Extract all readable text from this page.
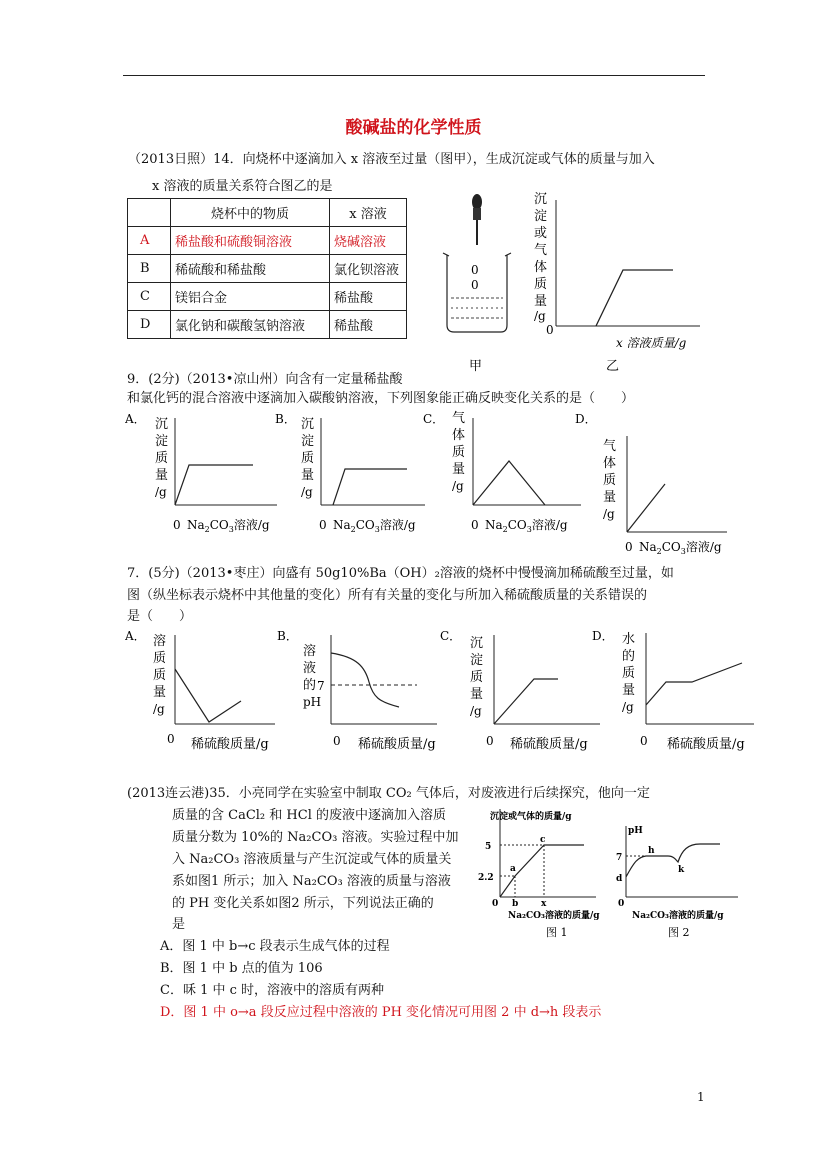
酸碱盐的化学性质
（2013日照）14．向烧杯中逐滴加入 x 溶液至过量（图甲），生成沉淀或气体的质量与加入
x 溶液的质量关系符合图乙的是
	烧杯中的物质	x 溶液
A	稀盐酸和硫酸铜溶液	烧碱溶液
B	稀硫酸和稀盐酸	氯化钡溶液
C	镁铝合金	稀盐酸
D	氯化钠和碳酸氢钠溶液	稀盐酸
0
0
甲
沉淀或气体质量/g
0
x 溶液质量/g
乙
9．(2分)（2013•凉山州）向含有一定量稀盐酸
和氯化钙的混合溶液中逐滴加入碳酸钠溶液，下列图象能正确反映变化关系的是（　　）
A． 沉淀质量/g
0 $Na_2CO_3$溶液/g
B． 沉淀质量/g
0 $Na_2CO_3$溶液/g
C． 气体质量/g
0 $Na_2CO_3$溶液/g
D．
气体质量/g
0 $Na_2CO_3$溶液/g
7．(5分)（2013•枣庄）向盛有 50g10%Ba（OH）₂溶液的烧杯中慢慢滴加稀硫酸至过量，如
图（纵坐标表示烧杯中其他量的变化）所有有关量的变化与所加入稀硫酸质量的关系错误的
是（　　）
A． 溶质质量/g
0 稀硫酸质量/g
B．
溶液的 pH
7
0 稀硫酸质量/g
C． 沉淀质量/g
0 稀硫酸质量/g
D． 水的质量/g
0 稀硫酸质量/g
(2013连云港)35．小亮同学在实验室中制取 CO₂ 气体后，对废液进行后续探究，他向一定
质量的含 CaCl₂ 和 HCl 的废液中逐滴加入溶质
质量分数为 10%的 Na₂CO₃ 溶液。实验过程中加
入 Na₂CO₃ 溶液质量与产生沉淀或气体的质量关
系如图1 所示；加入 Na₂CO₃ 溶液的质量与溶液
的 PH 变化关系如图2 所示，下列说法正确的
是
A．图 1 中 b→c 段表示生成气体的过程
B．图 1 中 b 点的值为 106
C．咊 1 中 c 时，溶液中的溶质有两种
D．图 1 中 o→a 段反应过程中溶液的 PH 变化情况可用图 2 中 d→h 段表示
沉淀或气体的质量/g
5
2.2
0
a
b
c
x
Na₂CO₃溶液的质量/g
图 1
pH
7
d
h
k
0
Na₂CO₃溶液的质量/g
图 2
1
